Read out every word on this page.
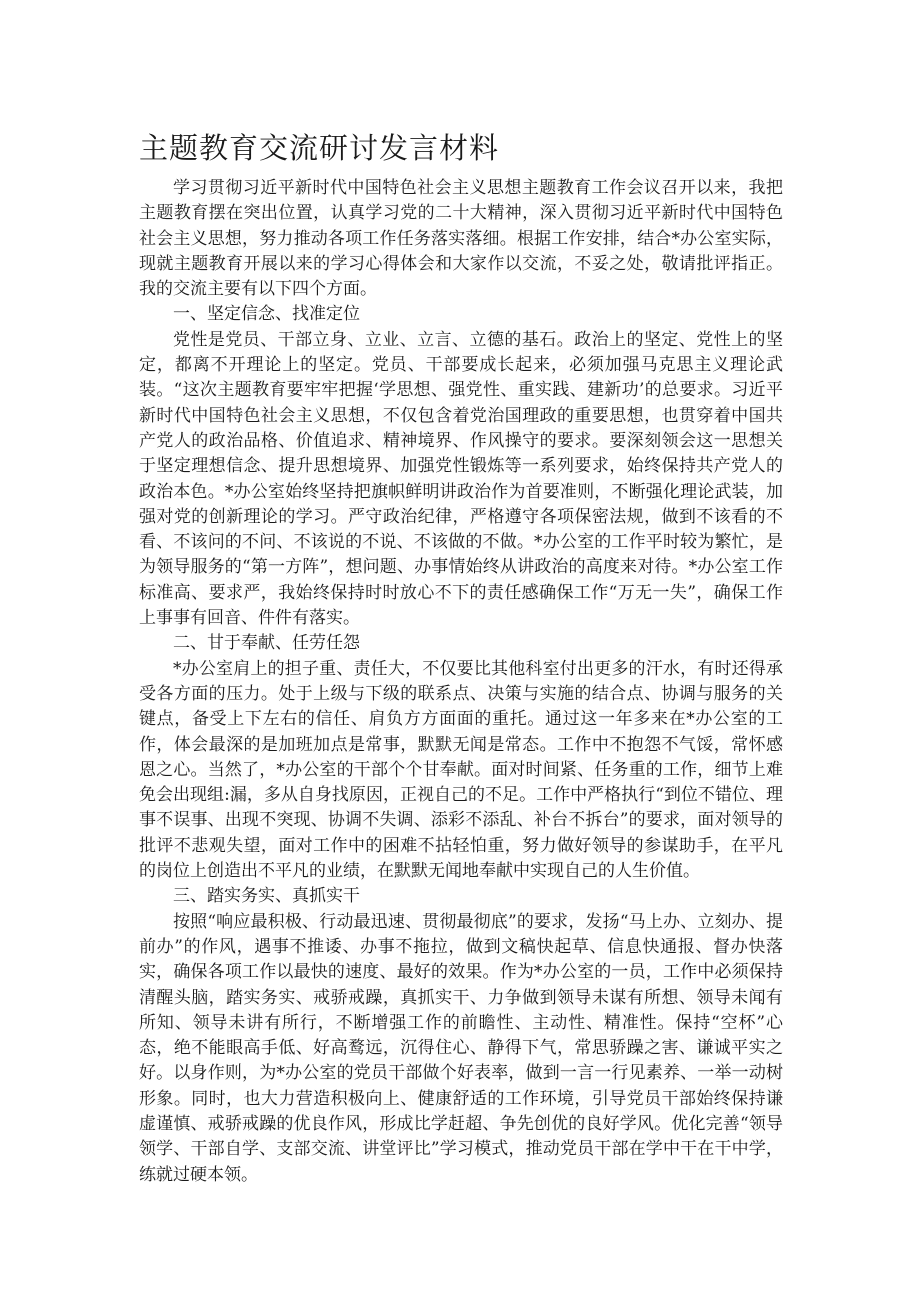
主题教育交流研讨发言材料

学习贯彻习近平新时代中国特色社会主义思想主题教育工作会议召开以来，我把主题教育摆在突出位置，认真学习党的二十大精神，深入贯彻习近平新时代中国特色社会主义思想，努力推动各项工作任务落实落细。根据工作安排，结合*办公室实际，现就主题教育开展以来的学习心得体会和大家作以交流，不妥之处，敬请批评指正。我的交流主要有以下四个方面。

一、坚定信念、找准定位

党性是党员、干部立身、立业、立言、立德的基石。政治上的坚定、党性上的坚定，都离不开理论上的坚定。党员、干部要成长起来，必须加强马克思主义理论武装。“这次主题教育要牢牢把握‘学思想、强党性、重实践、建新功’的总要求。习近平新时代中国特色社会主义思想，不仅包含着党治国理政的重要思想，也贯穿着中国共产党人的政治品格、价值追求、精神境界、作风操守的要求。要深刻领会这一思想关于坚定理想信念、提升思想境界、加强党性锻炼等一系列要求，始终保持共产党人的政治本色。*办公室始终坚持把旗帜鲜明讲政治作为首要准则，不断强化理论武装，加强对党的创新理论的学习。严守政治纪律，严格遵守各项保密法规，做到不该看的不看、不该问的不问、不该说的不说、不该做的不做。*办公室的工作平时较为繁忙，是为领导服务的“第一方阵”，想问题、办事情始终从讲政治的高度来对待。*办公室工作标准高、要求严，我始终保持时时放心不下的责任感确保工作“万无一失”，确保工作上事事有回音、件件有落实。

二、甘于奉献、任劳任怨

*办公室肩上的担子重、责任大，不仅要比其他科室付出更多的汗水，有时还得承受各方面的压力。处于上级与下级的联系点、决策与实施的结合点、协调与服务的关键点，备受上下左右的信任、肩负方方面面的重托。通过这一年多来在*办公室的工作，体会最深的是加班加点是常事，默默无闻是常态。工作中不抱怨不气馁，常怀感恩之心。当然了，*办公室的干部个个甘奉献。面对时间紧、任务重的工作，细节上难免会出现组:漏，多从自身找原因，正视自己的不足。工作中严格执行“到位不错位、理事不误事、出现不突现、协调不失调、添彩不添乱、补台不拆台”的要求，面对领导的批评不悲观失望，面对工作中的困难不拈轻怕重，努力做好领导的参谋助手，在平凡的岗位上创造出不平凡的业绩，在默默无闻地奉献中实现自己的人生价值。

三、踏实务实、真抓实干

按照“响应最积极、行动最迅速、贯彻最彻底”的要求，发扬“马上办、立刻办、提前办”的作风，遇事不推诿、办事不拖拉，做到文稿快起草、信息快通报、督办快落实，确保各项工作以最快的速度、最好的效果。作为*办公室的一员，工作中必须保持清醒头脑，踏实务实、戒骄戒躁，真抓实干、力争做到领导未谋有所想、领导未闻有所知、领导未讲有所行，不断增强工作的前瞻性、主动性、精准性。保持“空杯”心态，绝不能眼高手低、好高鹜远，沉得住心、静得下气，常思骄躁之害、谦诚平实之好。以身作则，为*办公室的党员干部做个好表率，做到一言一行见素养、一举一动树形象。同时，也大力营造积极向上、健康舒适的工作环境，引导党员干部始终保持谦虚谨慎、戒骄戒躁的优良作风，形成比学赶超、争先创优的良好学风。优化完善“领导领学、干部自学、支部交流、讲堂评比”学习模式，推动党员干部在学中干在干中学，练就过硬本领。
